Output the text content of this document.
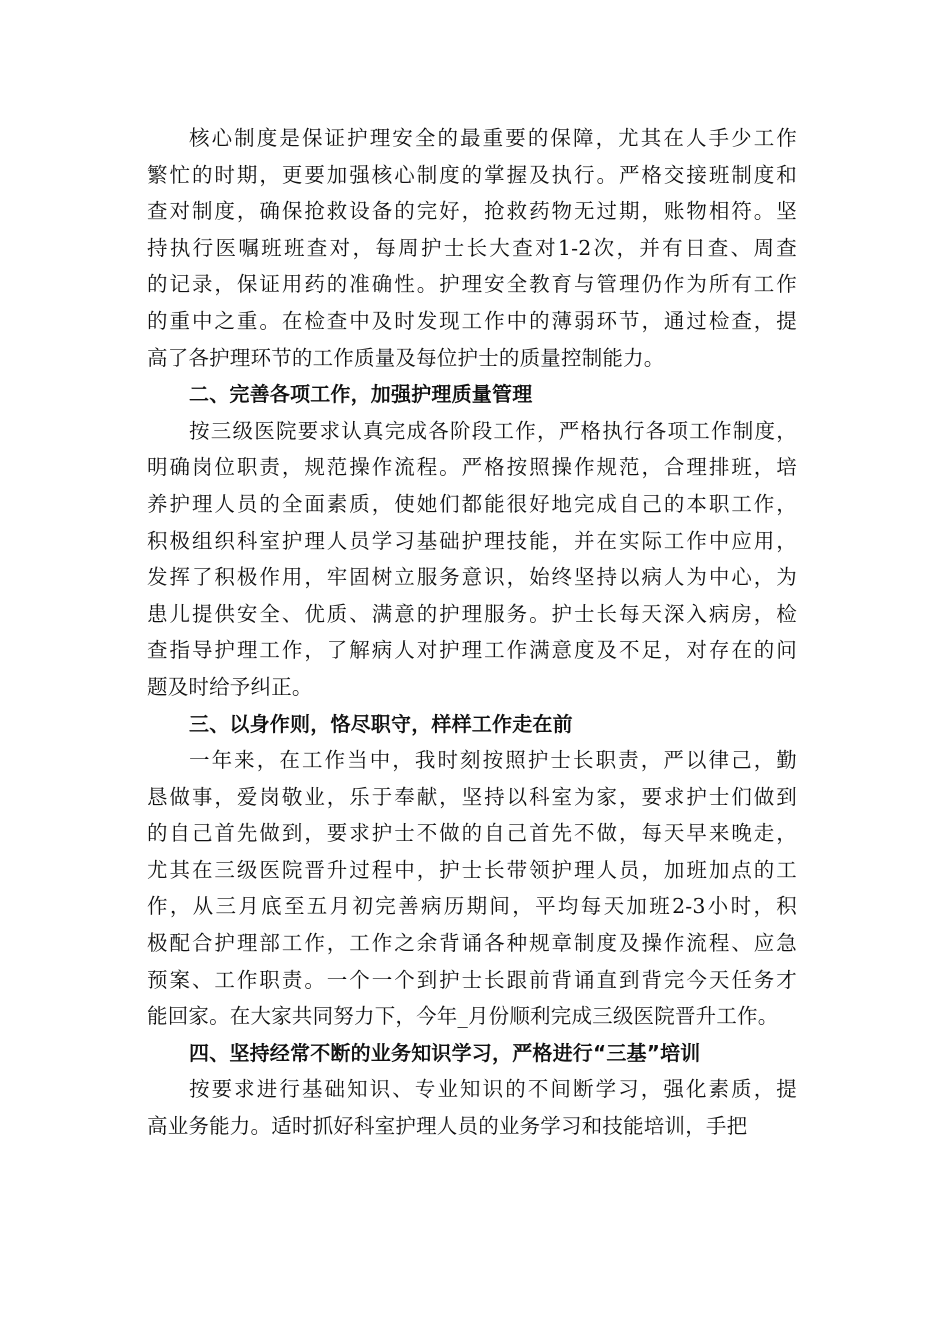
核心制度是保证护理安全的最重要的保障，尤其在人手少工作
繁忙的时期，更要加强核心制度的掌握及执行。严格交接班制度和
查对制度，确保抢救设备的完好，抢救药物无过期，账物相符。坚
持执行医嘱班班查对，每周护士长大查对1-2次，并有日查、周查
的记录，保证用药的准确性。护理安全教育与管理仍作为所有工作
的重中之重。在检查中及时发现工作中的薄弱环节，通过检查，提
高了各护理环节的工作质量及每位护士的质量控制能力。
二、完善各项工作，加强护理质量管理
按三级医院要求认真完成各阶段工作，严格执行各项工作制度，
明确岗位职责，规范操作流程。严格按照操作规范，合理排班，培
养护理人员的全面素质，使她们都能很好地完成自己的本职工作，
积极组织科室护理人员学习基础护理技能，并在实际工作中应用，
发挥了积极作用，牢固树立服务意识，始终坚持以病人为中心，为
患儿提供安全、优质、满意的护理服务。护士长每天深入病房，检
查指导护理工作，了解病人对护理工作满意度及不足，对存在的问
题及时给予纠正。
三、以身作则，恪尽职守，样样工作走在前
一年来，在工作当中，我时刻按照护士长职责，严以律己，勤
恳做事，爱岗敬业，乐于奉献，坚持以科室为家，要求护士们做到
的自己首先做到，要求护士不做的自己首先不做，每天早来晚走，
尤其在三级医院晋升过程中，护士长带领护理人员，加班加点的工
作，从三月底至五月初完善病历期间，平均每天加班2-3小时，积
极配合护理部工作，工作之余背诵各种规章制度及操作流程、应急
预案、工作职责。一个一个到护士长跟前背诵直到背完今天任务才
能回家。在大家共同努力下，今年_月份顺利完成三级医院晋升工作。
四、坚持经常不断的业务知识学习，严格进行“三基”培训
按要求进行基础知识、专业知识的不间断学习，强化素质，提
高业务能力。适时抓好科室护理人员的业务学习和技能培训，手把
